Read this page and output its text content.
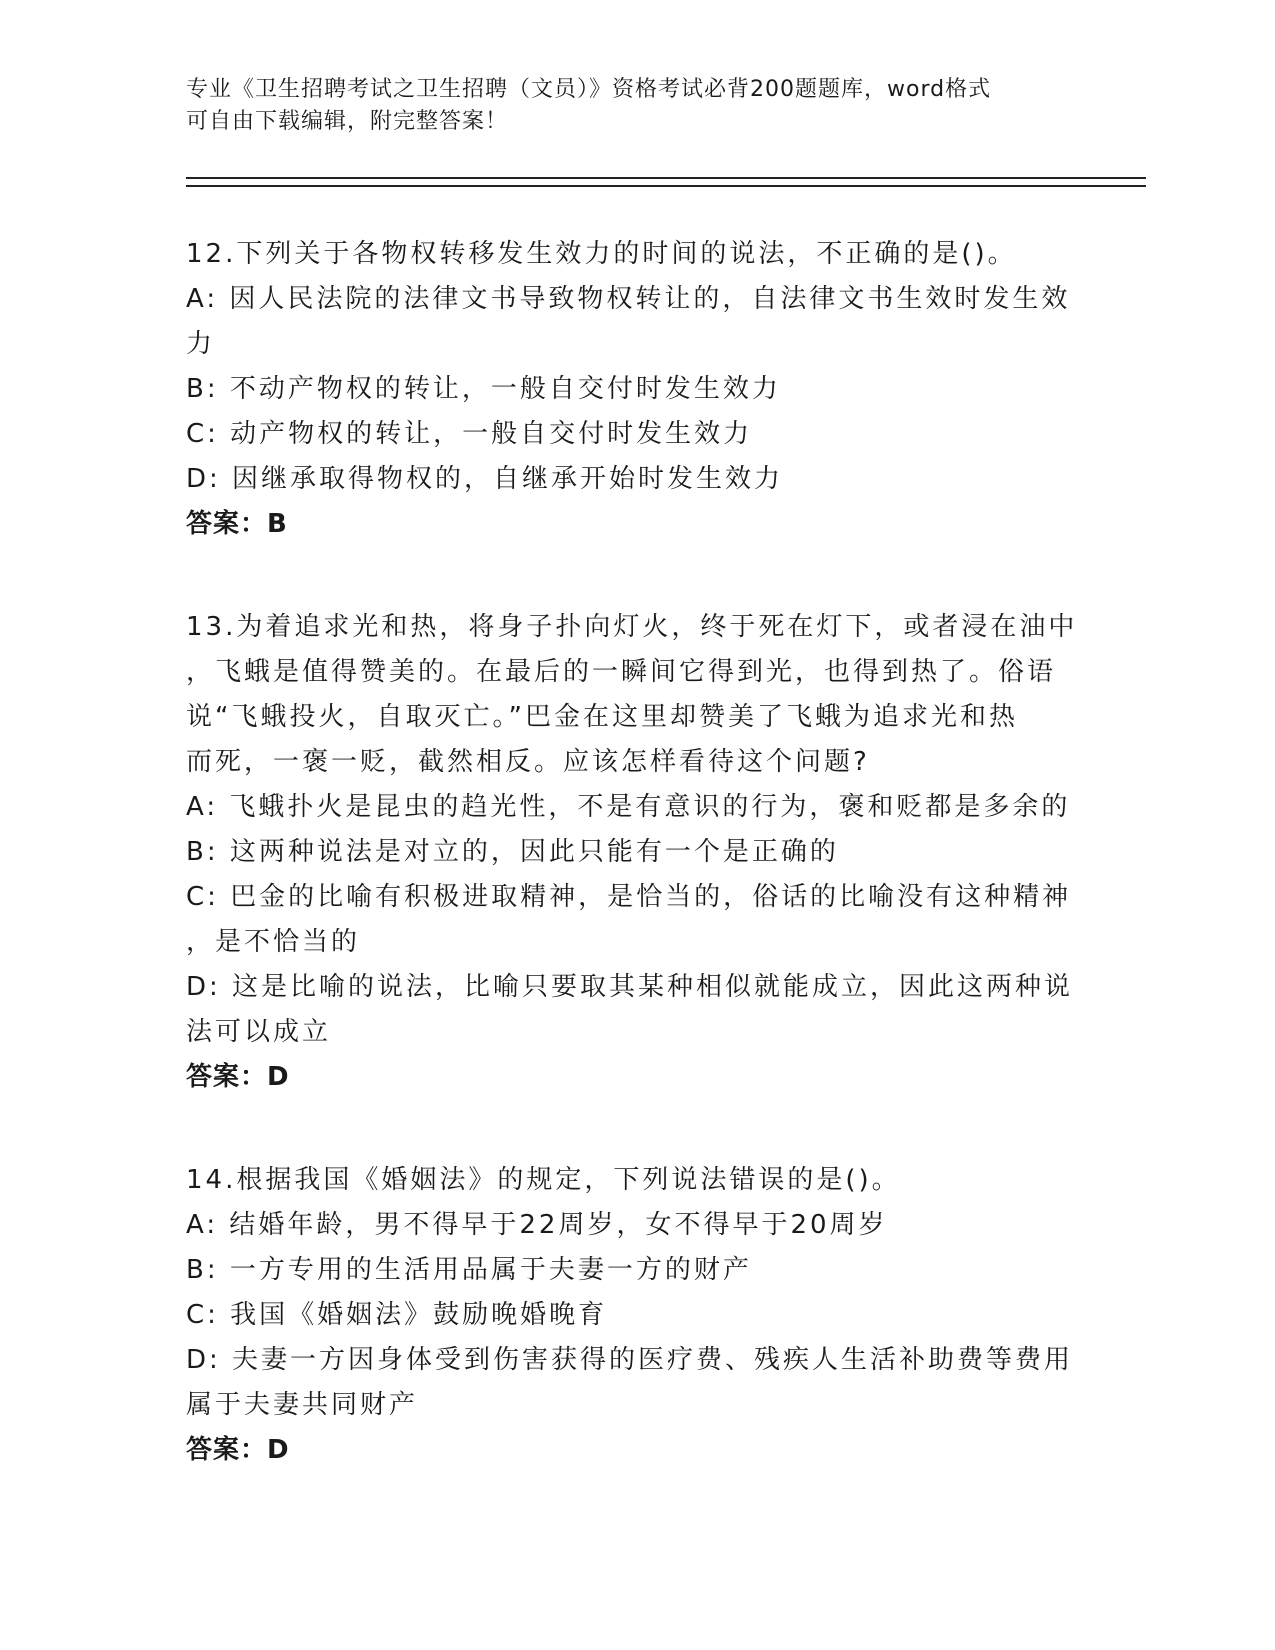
专业《卫生招聘考试之卫生招聘（文员）》资格考试必背200题题库，word格式
可自由下载编辑，附完整答案！
12.下列关于各物权转移发生效力的时间的说法，不正确的是()。
A: 因人民法院的法律文书导致物权转让的，自法律文书生效时发生效
力
B: 不动产物权的转让，一般自交付时发生效力
C: 动产物权的转让，一般自交付时发生效力
D: 因继承取得物权的，自继承开始时发生效力
答案：B
13.为着追求光和热，将身子扑向灯火，终于死在灯下，或者浸在油中
，飞蛾是值得赞美的。在最后的一瞬间它得到光，也得到热了。俗语
说“飞蛾投火，自取灭亡。”巴金在这里却赞美了飞蛾为追求光和热
而死，一褒一贬，截然相反。应该怎样看待这个问题?
A: 飞蛾扑火是昆虫的趋光性，不是有意识的行为，褒和贬都是多余的
B: 这两种说法是对立的，因此只能有一个是正确的
C: 巴金的比喻有积极进取精神，是恰当的，俗话的比喻没有这种精神
，是不恰当的
D: 这是比喻的说法，比喻只要取其某种相似就能成立，因此这两种说
法可以成立
答案：D
14.根据我国《婚姻法》的规定，下列说法错误的是()。
A: 结婚年龄，男不得早于22周岁，女不得早于20周岁
B: 一方专用的生活用品属于夫妻一方的财产
C: 我国《婚姻法》鼓励晚婚晚育
D: 夫妻一方因身体受到伤害获得的医疗费、残疾人生活补助费等费用
属于夫妻共同财产
答案：D
